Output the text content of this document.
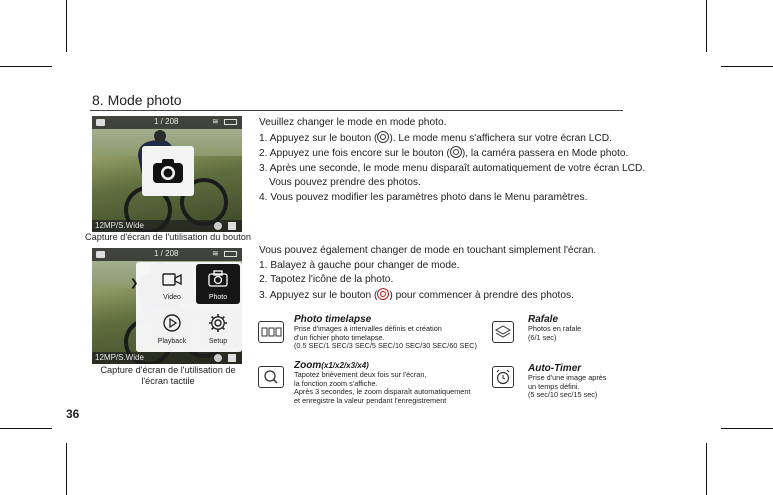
8. Mode photo
1 / 208	≋
12MP/S.Wide
Capture d'écran de l'utilisation du bouton

Veuillez changer le mode en mode photo.

1. Appuyez sur le bouton ( ). Le mode menu s'affichera sur votre écran LCD.

2. Appuyez une fois encore sur le bouton ( ), la caméra passera en Mode photo.

3. Après une seconde, le mode menu disparaît automatiquement de votre écran LCD.

Vous pouvez prendre des photos.

4. Vous pouvez modifier les paramètres photo dans le Menu paramètres.

1 / 208	≋
12MP/S.Wide
❯
Video	Photo
Playback	Setup
Capture d'écran de l'utilisation de
l'écran tactile

Vous pouvez également changer de mode en touchant simplement l'écran.

1. Balayez à gauche pour changer de mode.

2. Tapotez l'icône de la photo.

3. Appuyez sur le bouton ( ) pour commencer à prendre des photos.

Photo timelapse

Prise d'images à intervalles définis et création

d'un fichier photo timelapse.

(0.5 SEC/1 SEC/3 SEC/5 SEC/10 SEC/30 SEC/60 SEC)

Rafale

Photos en rafale

(6/1 sec)

Zoom(x1/x2/x3/x4)

Tapotez brièvement deux fois sur l'écran,

la fonction zoom s'affiche.

Après 3 secondes, le zoom disparaît automatiquement

et enregistre la valeur pendant l'enregistrement

Auto-Timer

Prise d'une image après

un temps défini.

(5 sec/10 sec/15 sec)

36
